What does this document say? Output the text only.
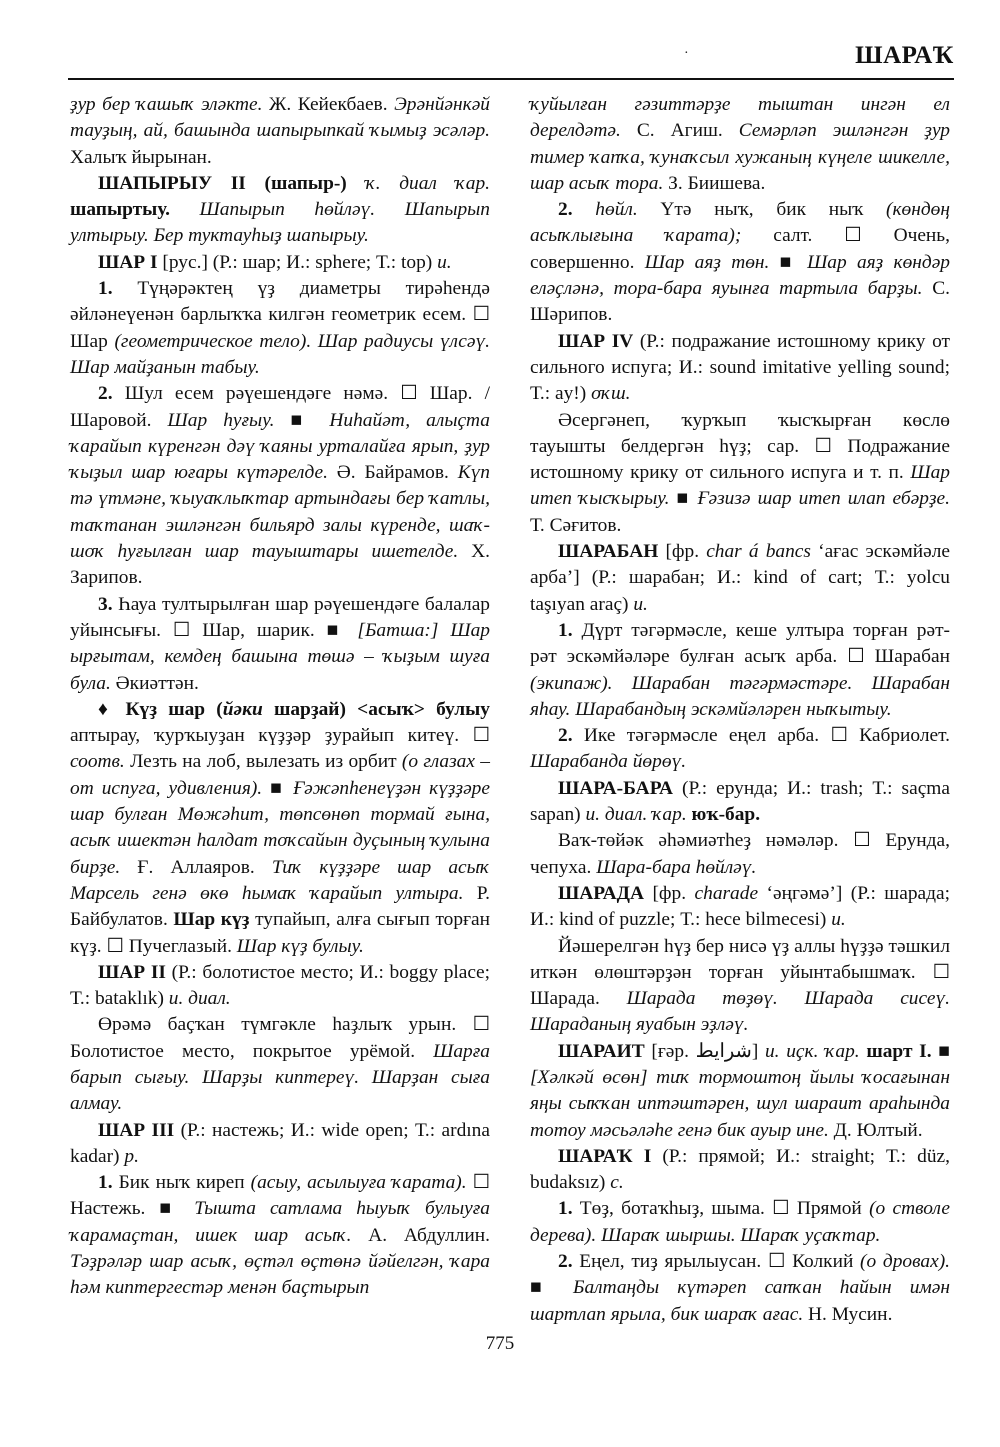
·	ШАРАҠ

ҙур бер ҡашыҡ эләкте. Ж. Кейекбаев. Эрәнйәнкәй тауҙың, ай, башында шапырыпкай ҡымыҙ эсәләр. Халыҡ йырынан.

ШАПЫРЫУ II (шапыр-) ҡ. диал ҡар. шапыртыу. Шапырып һөйләү. Шапырып ултырыу. Бер туктауһыҙ шапырыу.

ШАР I [рус.] (Р.: шар; И.: sphere; Т.: top) и.

1. Түңәрәктең үҙ диаметры тирәһендә әйләнеүенән барлыҡҡа килгән геометрик есем. ☐ Шар (геометрическое тело). Шар радиусы үлсәү. Шар майҙанын табыу.

2. Шул есем рәүешендәге нәмә. ☐ Шар. / Шаровой. Шар һуғыу. ■ Ниһайәт, алыҫта ҡарайып күренгән дәү ҡаяны урталайға ярып, ҙур ҡыҙыл шар юғары күтәрелде. Ә. Байрамов. Күп тә үтмәне, ҡыуаҡлыҡтар артындағы бер ҡатлы, таҡтанан эшләнгән бильярд залы күренде, шаҡ-шоҡ һуғылған шар тауыштары ишетелде. Х. Зарипов.

3. Һауа тултырылған шар рәүешендәге балалар уйынсығы. ☐ Шар, шарик. ■ [Батша:] Шар ырғытам, кемдең башына төшә – ҡыҙым шуға була. Әкиәттән.

♦ Күҙ шар (йәки шарҙай) <асыҡ> булыу аптырау, ҡурҡыуҙан күҙҙәр ҙурайып китеү. ☐ соотв. Лезть на лоб, вылезать из орбит (о глазах – от испуга, удивления). ■ Ғәжәпһенеүҙән күҙҙәре шар булған Мөжәһит, төпсөнөп тормай ғына, асыҡ ишектән һалдат тоҡсайын дуҫының ҡулына бирҙе. Ғ. Аллаяров. Тиҡ күҙҙәре шар асыҡ Марсель генә өкө һымаҡ ҡарайып ултыра. Р. Байбулатов. Шар күҙ тупайып, алға сығып торған күҙ. ☐ Пучеглазый. Шар күҙ булыу.

ШАР II (Р.: болотистое место; И.: boggy place; Т.: bataklık) и. диал.

Өрәмә баҫҡан түмгәкле һаҙлыҡ урын. ☐ Болотистое место, покрытое урёмой. Шарға барып сығыу. Шарҙы киптереү. Шарҙан сыға алмау.

ШАР III (Р.: настежь; И.: wide open; Т.: ardına kadar) р.

1. Бик ныҡ киреп (асыу, асылыуға ҡарата). ☐ Настежь. ■ Тышта сатлама һыуыҡ булыуға ҡарамаҫтан, ишек шар асыҡ. А. Абдуллин. Тәҙрәләр шар асыҡ, өҫтәл өҫтөнә йәйелгән, ҡара һәм киптергестәр менән баҫтырып

ҡуйылған гәзиттәрҙе тыштан ингән ел дерелдәтә. С. Агиш. Семәрләп эшләнгән ҙур тимер ҡапҡа, ҡунаҡсыл хужаның күңеле шикелле, шар асыҡ тора. З. Биишева.

2. һөйл. Үтә ныҡ, бик ныҡ (көндөң асыҡлығына ҡарата); салт. ☐ Очень, совершенно. Шар аяҙ төн. ■ Шар аяҙ көндәр еләҫләнә, тора-бара яуынға тартыла барҙы. С. Шәрипов.

ШАР IV (Р.: подражание истошному крику от сильного испуга; И.: sound imitative yelling sound; Т.: ay!) оҡш.

Әсергәнеп, ҡурҡып ҡысҡырған көслө тауышты белдергән һүҙ; сар. ☐ Подражание истошному крику от сильного испуга и т. п. Шар итеп ҡысҡырыу. ■ Ғәзизә шар итеп илап ебәрҙе. Т. Сәғитов.

ШАРАБАН [фр. char á bancs ‘ағас эскәмйәле арба’] (Р.: шарабан; И.: kind of cart; Т.: yolcu taşıyan araç) и.

1. Дүрт тәгәрмәсле, кеше ултыра торған рәт-рәт эскәмйәләре булған асыҡ арба. ☐ Шарабан (экипаж). Шарабан тәгәрмәстәре. Шарабан яһау. Шарабандың эскәмйәләрен ныҡытыу.

2. Ике тәгәрмәсле еңел арба. ☐ Кабриолет. Шарабанда йөрөү.

ШАРА-БАРА (Р.: ерунда; И.: trash; Т.: saçma sapan) и. диал. ҡар. юҡ-бар.

Ваҡ-төйәк әһәмиәтһеҙ нәмәләр. ☐ Ерунда, чепуха. Шара-бара һөйләү.

ШАРАДА [фр. charade ‘әңгәмә’] (Р.: шарада; И.: kind of puzzle; Т.: hece bilmecesi) и.

Йәшерелгән һүҙ бер нисә үҙ аллы һүҙҙә тәшкил иткән өлөштәрҙән торған уйынтабышмаҡ. ☐ Шарада. Шарада төҙөү. Шарада сисеү. Шараданың яуабын эҙләү.

ШАРАИТ [ғәр. شرايط] и. иҫк. ҡар. шарт I. ■ [Хәлкәй өсөн] тиҡ тормоштоң йылы ҡосағынан яңы сыҡҡан иптәштәрен, шул шараит араһында тотоу мәсьәләһе генә бик ауыр ине. Д. Юлтый.

ШАРАҠ I (Р.: прямой; И.: straight; Т.: düz, budaksız) с.

1. Төҙ, ботаҡһыҙ, шыма. ☐ Прямой (о стволе дерева). Шараҡ шыршы. Шараҡ уҫаҡтар.

2. Еңел, тиҙ ярылыусан. ☐ Колкий (о дровах). ■ Балтаңды күтәреп сапҡан һайын имән шартлап ярыла, бик шараҡ ағас. Н. Мусин.

775
